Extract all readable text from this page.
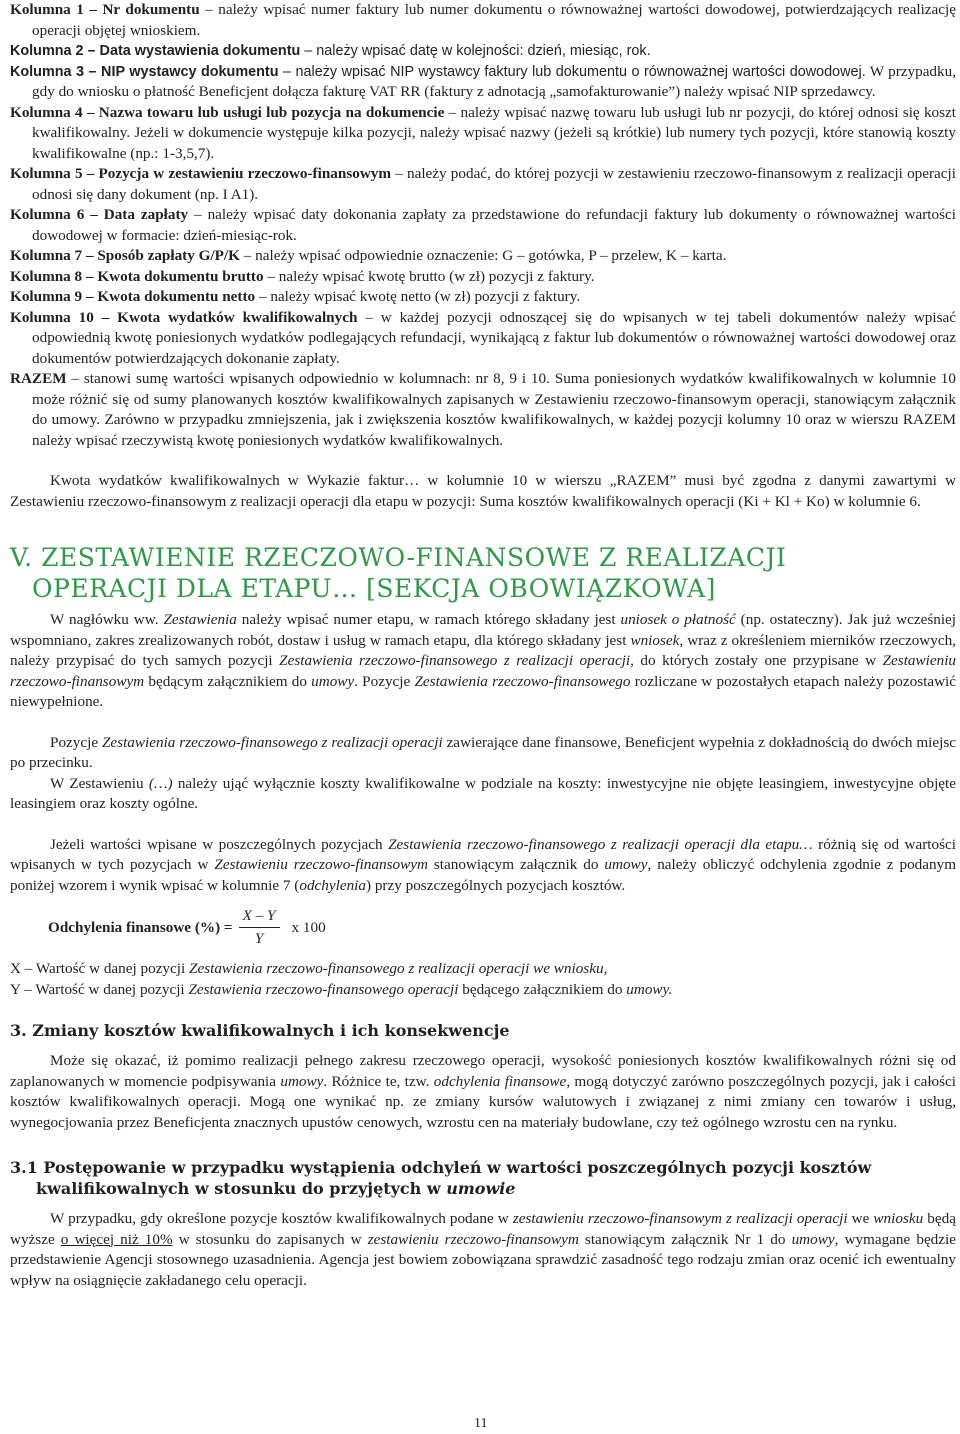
Kolumna 1 – Nr dokumentu – należy wpisać numer faktury lub numer dokumentu o równoważnej wartości dowodowej, potwierdzających realizację operacji objętej wnioskiem.

Kolumna 2 – Data wystawienia dokumentu – należy wpisać datę w kolejności: dzień, miesiąc, rok.

Kolumna 3 – NIP wystawcy dokumentu – należy wpisać NIP wystawcy faktury lub dokumentu o równoważnej wartości dowodowej. W przypadku, gdy do wniosku o płatność Beneficjent dołącza fakturę VAT RR (faktury z adnotacją „samofakturowanie”) należy wpisać NIP sprzedawcy.

Kolumna 4 – Nazwa towaru lub usługi lub pozycja na dokumencie – należy wpisać nazwę towaru lub usługi lub nr pozycji, do której odnosi się koszt kwalifikowalny. Jeżeli w dokumencie występuje kilka pozycji, należy wpisać nazwy (jeżeli są krótkie) lub numery tych pozycji, które stanowią koszty kwalifikowalne (np.: 1-3,5,7).

Kolumna 5 – Pozycja w zestawieniu rzeczowo-finansowym – należy podać, do której pozycji w zestawieniu rzeczowo-finansowym z realizacji operacji odnosi się dany dokument (np. I A1).

Kolumna 6 – Data zapłaty – należy wpisać daty dokonania zapłaty za przedstawione do refundacji faktury lub dokumenty o równoważnej wartości dowodowej w formacie: dzień-miesiąc-rok.

Kolumna 7 – Sposób zapłaty G/P/K – należy wpisać odpowiednie oznaczenie: G – gotówka, P – przelew, K – karta.

Kolumna 8 – Kwota dokumentu brutto – należy wpisać kwotę brutto (w zł) pozycji z faktury.

Kolumna 9 – Kwota dokumentu netto – należy wpisać kwotę netto (w zł) pozycji z faktury.

Kolumna 10 – Kwota wydatków kwalifikowalnych – w każdej pozycji odnoszącej się do wpisanych w tej tabeli dokumentów należy wpisać odpowiednią kwotę poniesionych wydatków podlegających refundacji, wynikającą z faktur lub dokumentów o równoważnej wartości dowodowej oraz dokumentów potwierdzających dokonanie zapłaty.

RAZEM – stanowi sumę wartości wpisanych odpowiednio w kolumnach: nr 8, 9 i 10. Suma poniesionych wydatków kwalifikowalnych w kolumnie 10 może różnić się od sumy planowanych kosztów kwalifikowalnych zapisanych w Zestawieniu rzeczowo-finansowym operacji, stanowiącym załącznik do umowy. Zarówno w przypadku zmniejszenia, jak i zwiększenia kosztów kwalifikowalnych, w każdej pozycji kolumny 10 oraz w wierszu RAZEM należy wpisać rzeczywistą kwotę poniesionych wydatków kwalifikowalnych.

Kwota wydatków kwalifikowalnych w Wykazie faktur… w kolumnie 10 w wierszu „RAZEM” musi być zgodna z danymi zawartymi w Zestawieniu rzeczowo-finansowym z realizacji operacji dla etapu w pozycji: Suma kosztów kwalifikowalnych operacji (Ki + Kl + Ko) w kolumnie 6.

V. ZESTAWIENIE RZECZOWO-FINANSOWE Z REALIZACJI
OPERACJI DLA ETAPU… [SEKCJA OBOWIĄZKOWA]

W nagłówku ww. Zestawienia należy wpisać numer etapu, w ramach którego składany jest uniosek o płatność (np. ostateczny). Jak już wcześniej wspomniano, zakres zrealizowanych robót, dostaw i usług w ramach etapu, dla którego składany jest wniosek, wraz z określeniem mierników rzeczowych, należy przypisać do tych samych pozycji Zestawienia rzeczowo-finansowego z realizacji operacji, do których zostały one przypisane w Zestawieniu rzeczowo-finansowym będącym załącznikiem do umowy. Pozycje Zestawienia rzeczowo-finansowego rozliczane w pozostałych etapach należy pozostawić niewypełnione.

Pozycje Zestawienia rzeczowo-finansowego z realizacji operacji zawierające dane finansowe, Beneficjent wypełnia z dokładnością do dwóch miejsc po przecinku.

W Zestawieniu (…) należy ująć wyłącznie koszty kwalifikowalne w podziale na koszty: inwestycyjne nie objęte leasingiem, inwestycyjne objęte leasingiem oraz koszty ogólne.

Jeżeli wartości wpisane w poszczególnych pozycjach Zestawienia rzeczowo-finansowego z realizacji operacji dla etapu… różnią się od wartości wpisanych w tych pozycjach w Zestawieniu rzeczowo-finansowym stanowiącym załącznik do umowy, należy obliczyć odchylenia zgodnie z podanym poniżej wzorem i wynik wpisać w kolumnie 7 (odchylenia) przy poszczególnych pozycjach kosztów.

Odchylenia finansowe (%) = $\frac{X - Y}{Y}$ x 100

X – Wartość w danej pozycji Zestawienia rzeczowo-finansowego z realizacji operacji we wniosku,

Y – Wartość w danej pozycji Zestawienia rzeczowo-finansowego operacji będącego załącznikiem do umowy.

3. Zmiany kosztów kwalifikowalnych i ich konsekwencje

Może się okazać, iż pomimo realizacji pełnego zakresu rzeczowego operacji, wysokość poniesionych kosztów kwalifikowalnych różni się od zaplanowanych w momencie podpisywania umowy. Różnice te, tzw. odchylenia finansowe, mogą dotyczyć zarówno poszczególnych pozycji, jak i całości kosztów kwalifikowalnych operacji. Mogą one wynikać np. ze zmiany kursów walutowych i związanej z nimi zmiany cen towarów i usług, wynegocjowania przez Beneficjenta znacznych upustów cenowych, wzrostu cen na materiały budowlane, czy też ogólnego wzrostu cen na rynku.

3.1 Postępowanie w przypadku wystąpienia odchyleń w wartości poszczególnych pozycji kosztów
kwalifikowalnych w stosunku do przyjętych w umowie

W przypadku, gdy określone pozycje kosztów kwalifikowalnych podane w zestawieniu rzeczowo-finansowym z realizacji operacji we wniosku będą wyższe o więcej niż 10% w stosunku do zapisanych w zestawieniu rzeczowo-finansowym stanowiącym załącznik Nr 1 do umowy, wymagane będzie przedstawienie Agencji stosownego uzasadnienia. Agencja jest bowiem zobowiązana sprawdzić zasadność tego rodzaju zmian oraz ocenić ich ewentualny wpływ na osiągnięcie zakładanego celu operacji.

11
